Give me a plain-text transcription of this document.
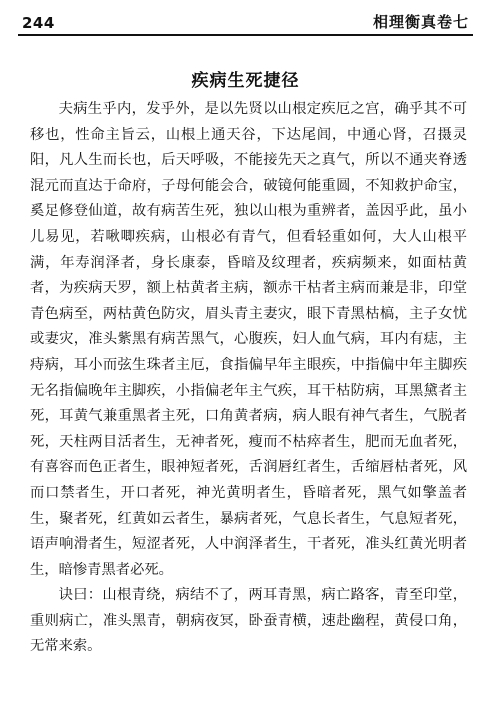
244	相理衡真卷七
疾病生死捷径

夫病生乎内，发乎外，是以先贤以山根定疾厄之宫，确乎其不可移也，性命主旨云，山根上通天谷，下达尾闾，中通心肾，召摄灵阳，凡人生而长也，后天呼吸，不能接先天之真气，所以不通夹脊透混元而直达于命府，子母何能会合，破镜何能重圆，不知救护命宝，奚足修登仙道，故有病苦生死，独以山根为重辨者，盖因乎此，虽小儿易见，若啾唧疾病，山根必有青气，但看轻重如何，大人山根平满，年寿润泽者，身长康泰，昏暗及纹理者，疾病频来，如面枯黄者，为疾病天罗，额上枯黄者主病，额赤干枯者主病而兼是非，印堂青色病至，两枯黄色防灾，眉头青主妻灾，眼下青黑枯槁，主子女忧或妻灾，准头紫黑有病苦黑气，心腹疾，妇人血气病，耳内有痣，主痔病，耳小而弦生珠者主厄，食指偏早年主眼疾，中指偏中年主脚疾无名指偏晚年主脚疾，小指偏老年主气疾，耳干枯防病，耳黑黛者主死，耳黄气兼重黑者主死，口角黄者病，病人眼有神气者生，气脱者死，天柱两目活者生，无神者死，瘦而不枯瘁者生，肥而无血者死，有喜容而色正者生，眼神短者死，舌润唇红者生，舌缩唇枯者死，风而口禁者生，开口者死，神光黄明者生，昏暗者死，黑气如擎盖者生，聚者死，红黄如云者生，暴病者死，气息长者生，气息短者死，语声响滑者生，短涩者死，人中润泽者生，干者死，准头红黄光明者生，暗惨青黑者必死。

诀曰：山根青绕，病结不了，两耳青黑，病亡路客，青至印堂，重则病亡，准头黑青，朝病夜冥，卧蚕青横，速赴幽程，黄侵口角，无常来索。
